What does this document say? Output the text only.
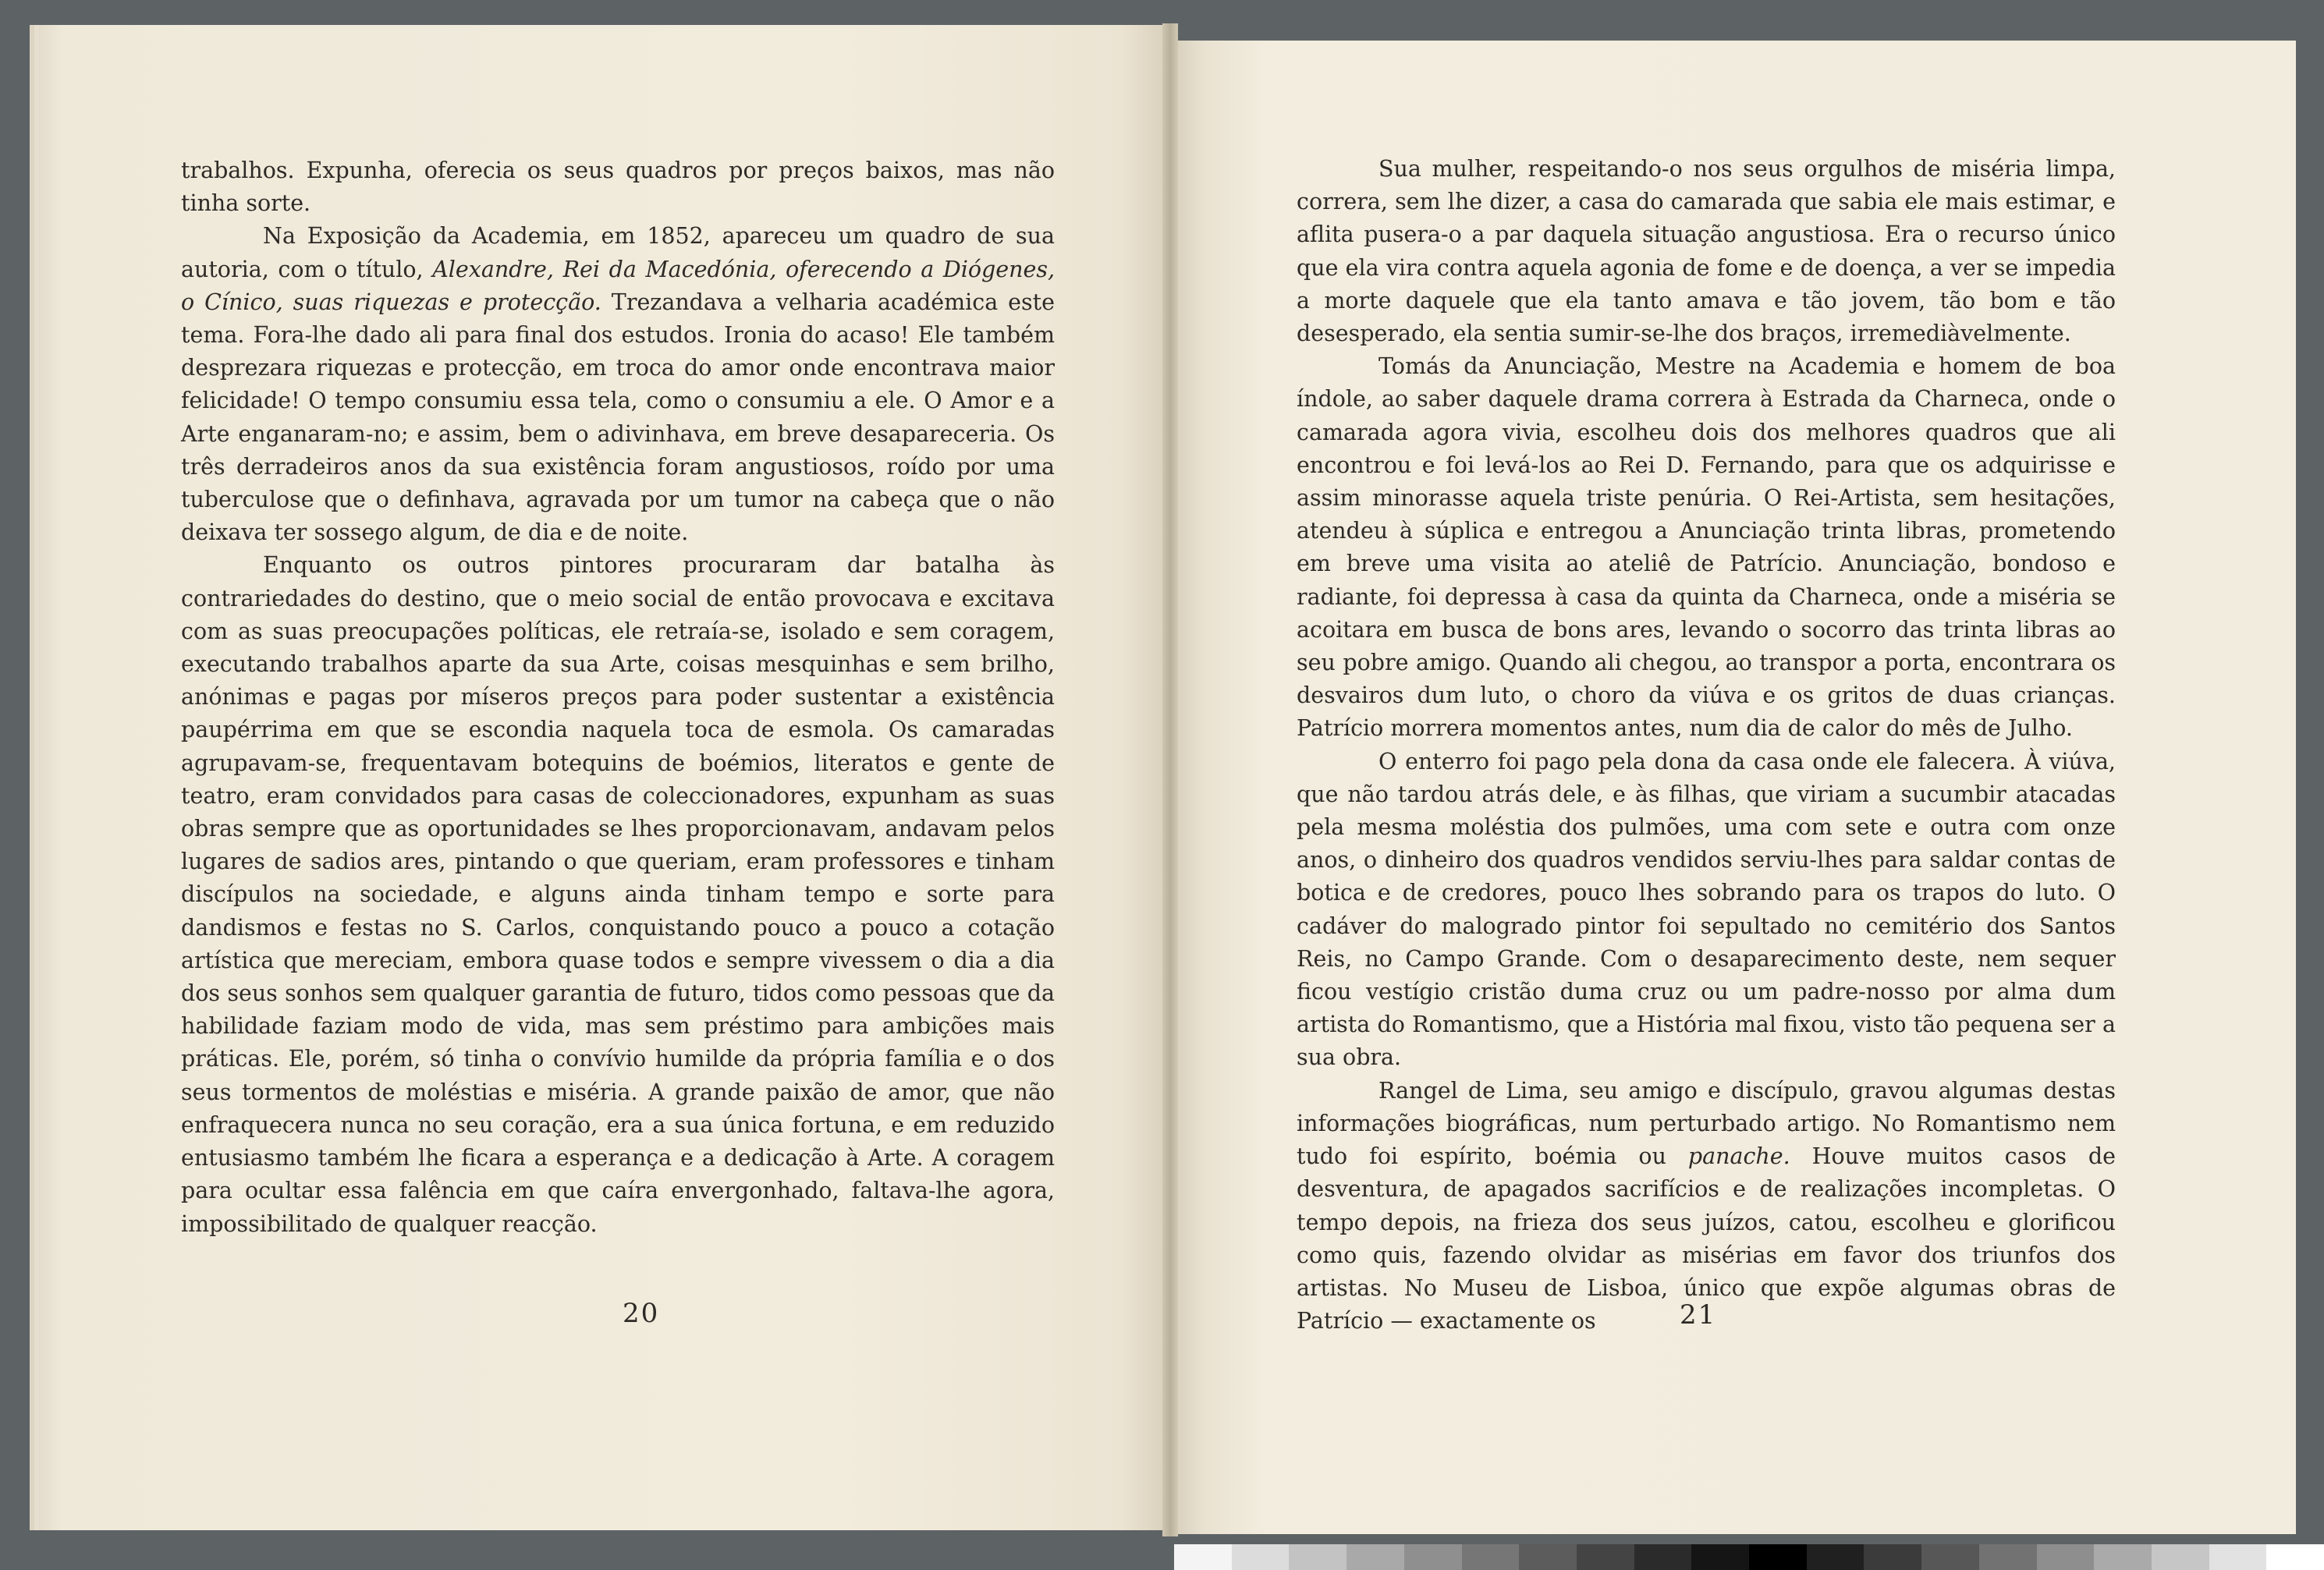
trabalhos. Expunha, oferecia os seus quadros por preços baixos, mas não tinha sorte.

Na Exposição da Academia, em 1852, apareceu um quadro de sua autoria, com o título, Alexandre, Rei da Macedónia, oferecendo a Diógenes, o Cínico, suas riquezas e protecção. Trezandava a velharia académica este tema. Fora-lhe dado ali para final dos estudos. Ironia do acaso! Ele também desprezara riquezas e protecção, em troca do amor onde encontrava maior felicidade! O tempo consumiu essa tela, como o consumiu a ele. O Amor e a Arte enganaram-no; e assim, bem o adivinhava, em breve desapareceria. Os três derradeiros anos da sua existência foram angustiosos, roído por uma tuberculose que o definhava, agravada por um tumor na cabeça que o não deixava ter sossego algum, de dia e de noite.

Enquanto os outros pintores procuraram dar batalha às contrariedades do destino, que o meio social de então provocava e excitava com as suas preocupações políticas, ele retraía-se, isolado e sem coragem, executando trabalhos aparte da sua Arte, coisas mesquinhas e sem brilho, anónimas e pagas por míseros preços para poder sustentar a existência paupérrima em que se escondia naquela toca de esmola. Os camaradas agrupavam-se, frequentavam botequins de boémios, literatos e gente de teatro, eram convidados para casas de coleccionadores, expunham as suas obras sempre que as oportunidades se lhes proporcionavam, andavam pelos lugares de sadios ares, pintando o que queriam, eram professores e tinham discípulos na sociedade, e alguns ainda tinham tempo e sorte para dandismos e festas no S. Carlos, conquistando pouco a pouco a cotação artística que mereciam, embora quase todos e sempre vivessem o dia a dia dos seus sonhos sem qualquer garantia de futuro, tidos como pessoas que da habilidade faziam modo de vida, mas sem préstimo para ambições mais práticas. Ele, porém, só tinha o convívio humilde da própria família e o dos seus tormentos de moléstias e miséria. A grande paixão de amor, que não enfraquecera nunca no seu coração, era a sua única fortuna, e em reduzido entusiasmo também lhe ficara a esperança e a dedicação à Arte. A coragem para ocultar essa falência em que caíra envergonhado, faltava-lhe agora, impossibilitado de qualquer reacção.

20

Sua mulher, respeitando-o nos seus orgulhos de miséria limpa, correra, sem lhe dizer, a casa do camarada que sabia ele mais estimar, e aflita pusera-o a par daquela situação angustiosa. Era o recurso único que ela vira contra aquela agonia de fome e de doença, a ver se impedia a morte daquele que ela tanto amava e tão jovem, tão bom e tão desesperado, ela sentia sumir-se-lhe dos braços, irremediàvelmente.

Tomás da Anunciação, Mestre na Academia e homem de boa índole, ao saber daquele drama correra à Estrada da Charneca, onde o camarada agora vivia, escolheu dois dos melhores quadros que ali encontrou e foi levá-los ao Rei D. Fernando, para que os adquirisse e assim minorasse aquela triste penúria. O Rei-Artista, sem hesitações, atendeu à súplica e entregou a Anunciação trinta libras, prometendo em breve uma visita ao ateliê de Patrício. Anunciação, bondoso e radiante, foi depressa à casa da quinta da Charneca, onde a miséria se acoitara em busca de bons ares, levando o socorro das trinta libras ao seu pobre amigo. Quando ali chegou, ao transpor a porta, encontrara os desvairos dum luto, o choro da viúva e os gritos de duas crianças. Patrício morrera momentos antes, num dia de calor do mês de Julho.

O enterro foi pago pela dona da casa onde ele falecera. À viúva, que não tardou atrás dele, e às filhas, que viriam a sucumbir atacadas pela mesma moléstia dos pulmões, uma com sete e outra com onze anos, o dinheiro dos quadros vendidos serviu-lhes para saldar contas de botica e de credores, pouco lhes sobrando para os trapos do luto. O cadáver do malogrado pintor foi sepultado no cemitério dos Santos Reis, no Campo Grande. Com o desaparecimento deste, nem sequer ficou vestígio cristão duma cruz ou um padre-nosso por alma dum artista do Romantismo, que a História mal fixou, visto tão pequena ser a sua obra.

Rangel de Lima, seu amigo e discípulo, gravou algumas destas informações biográficas, num perturbado artigo. No Romantismo nem tudo foi espírito, boémia ou panache. Houve muitos casos de desventura, de apagados sacrifícios e de realizações incompletas. O tempo depois, na frieza dos seus juízos, catou, escolheu e glorificou como quis, fazendo olvidar as misérias em favor dos triunfos dos artistas. No Museu de Lisboa, único que expõe algumas obras de Patrício — exactamente os	21
